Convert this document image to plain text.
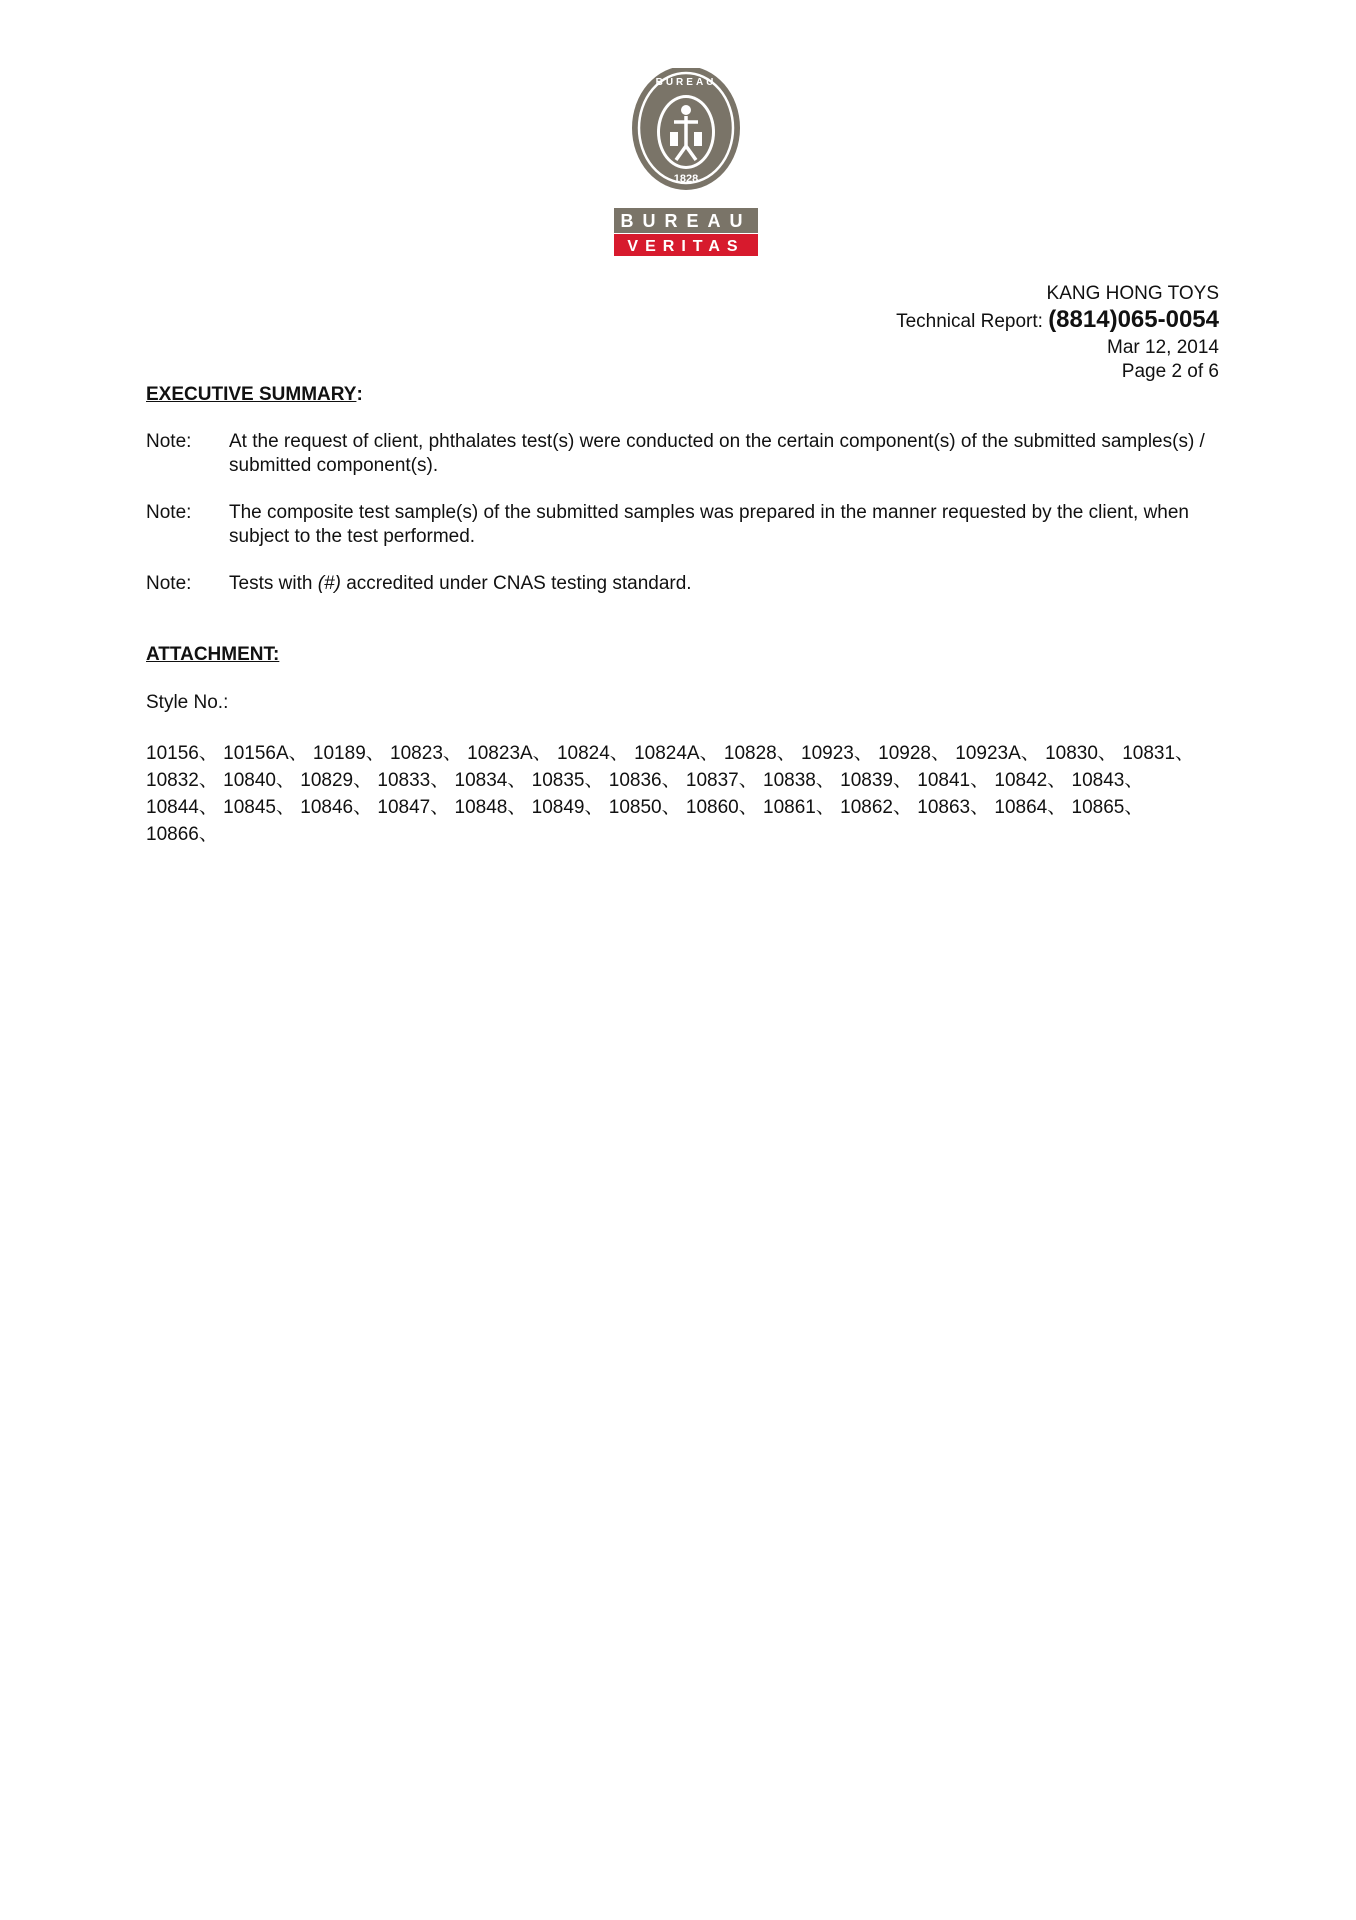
BUREAU
1828
BUREAU
VERITAS
KANG HONG TOYS
Technical Report: (8814)065-0054
Mar 12, 2014
Page 2 of 6
EXECUTIVE SUMMARY:
Note:	At the request of client, phthalates test(s) were conducted on the certain component(s) of the submitted samples(s) / submitted component(s).
Note:	The composite test sample(s) of the submitted samples was prepared in the manner requested by the client, when subject to the test performed.
Note:	Tests with (#) accredited under CNAS testing standard.
ATTACHMENT:
Style No.:
10156、 10156A、 10189、 10823、 10823A、 10824、 10824A、 10828、 10923、 10928、 10923A、 10830、 10831、 10832、 10840、 10829、 10833、 10834、 10835、 10836、 10837、 10838、 10839、 10841、 10842、 10843、 10844、 10845、 10846、 10847、 10848、 10849、 10850、 10860、 10861、 10862、 10863、 10864、 10865、 10866、
